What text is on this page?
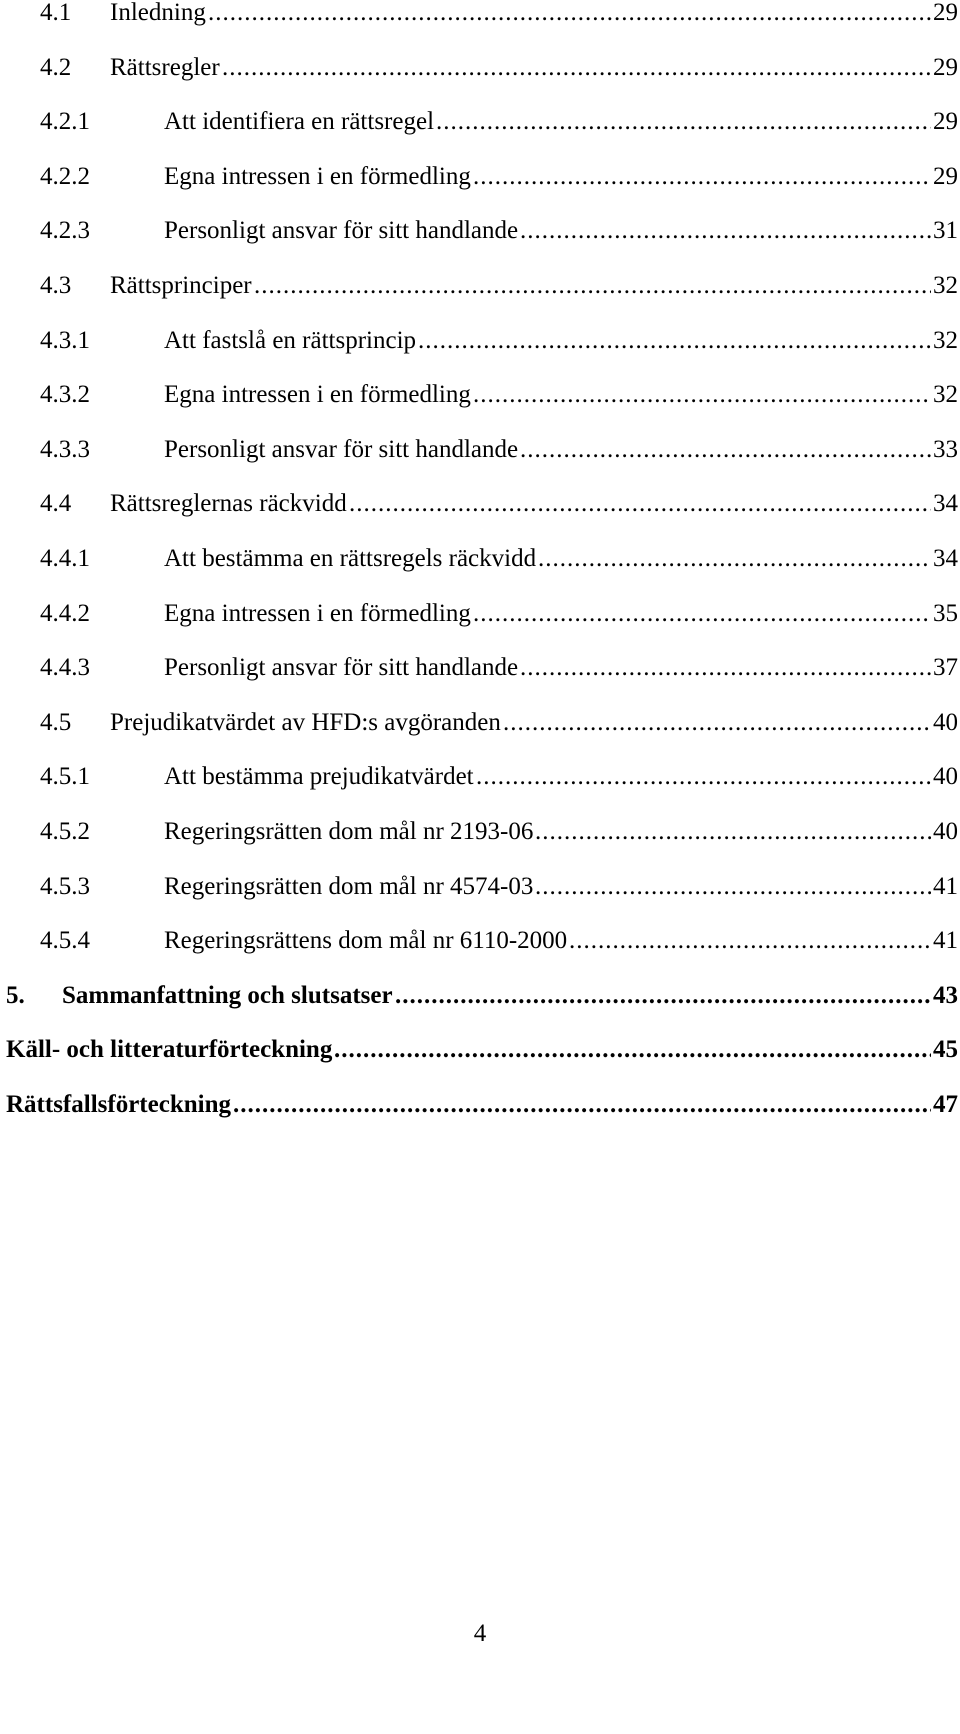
4.1 Inledning .....	29
4.2 Rättsregler .....	29
4.2.1	Att identifiera en rättsregel .....	29
4.2.2	Egna intressen i en förmedling .....	29
4.2.3	Personligt ansvar för sitt handlande .....	31
4.3 Rättsprinciper .....	32
4.3.1	Att fastslå en rättsprincip .....	32
4.3.2	Egna intressen i en förmedling .....	32
4.3.3	Personligt ansvar för sitt handlande .....	33
4.4 Rättsreglernas räckvidd .....	34
4.4.1	Att bestämma en rättsregels räckvidd .....	34
4.4.2	Egna intressen i en förmedling .....	35
4.4.3	Personligt ansvar för sitt handlande .....	37
4.5 Prejudikatvärdet av HFD:s avgöranden .....	40
4.5.1	Att bestämma prejudikatvärdet .....	40
4.5.2	Regeringsrätten dom mål nr 2193-06 .....	40
4.5.3	Regeringsrätten dom mål nr 4574-03 .....	41
4.5.4	Regeringsrättens dom mål nr 6110-2000 .....	41
5. Sammanfattning och slutsatser .....	43
Käll- och litteraturförteckning .....	45
Rättsfallsförteckning .....	47
4
